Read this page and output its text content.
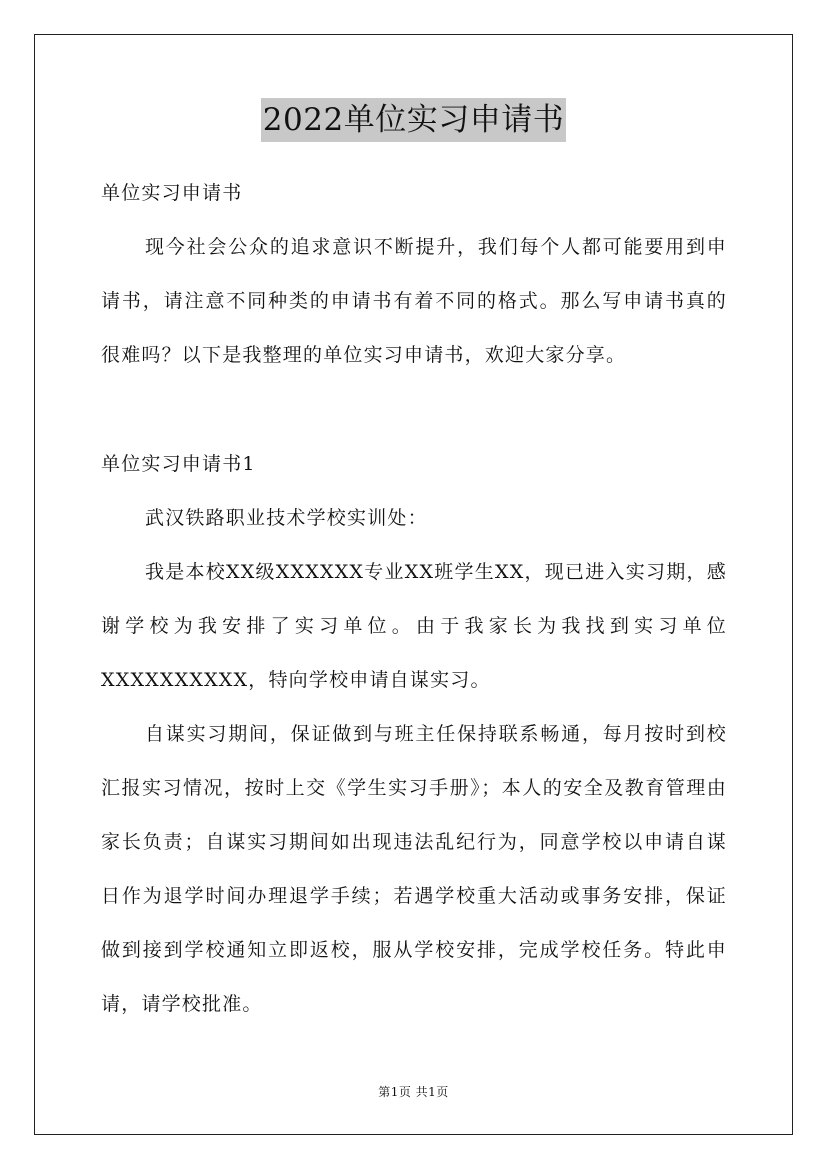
2022单位实习申请书

单位实习申请书

现今社会公众的追求意识不断提升，我们每个人都可能要用到申请书，请注意不同种类的申请书有着不同的格式。那么写申请书真的很难吗？以下是我整理的单位实习申请书，欢迎大家分享。

单位实习申请书1

武汉铁路职业技术学校实训处：

我是本校XX级XXXXXX专业XX班学生XX，现已进入实习期，感谢学校为我安排了实习单位。由于我家长为我找到实习单位XXXXXXXXXX，特向学校申请自谋实习。

自谋实习期间，保证做到与班主任保持联系畅通，每月按时到校汇报实习情况，按时上交《学生实习手册》；本人的安全及教育管理由家长负责；自谋实习期间如出现违法乱纪行为，同意学校以申请自谋日作为退学时间办理退学手续；若遇学校重大活动或事务安排，保证做到接到学校通知立即返校，服从学校安排，完成学校任务。特此申请，请学校批准。

第1页 共1页
